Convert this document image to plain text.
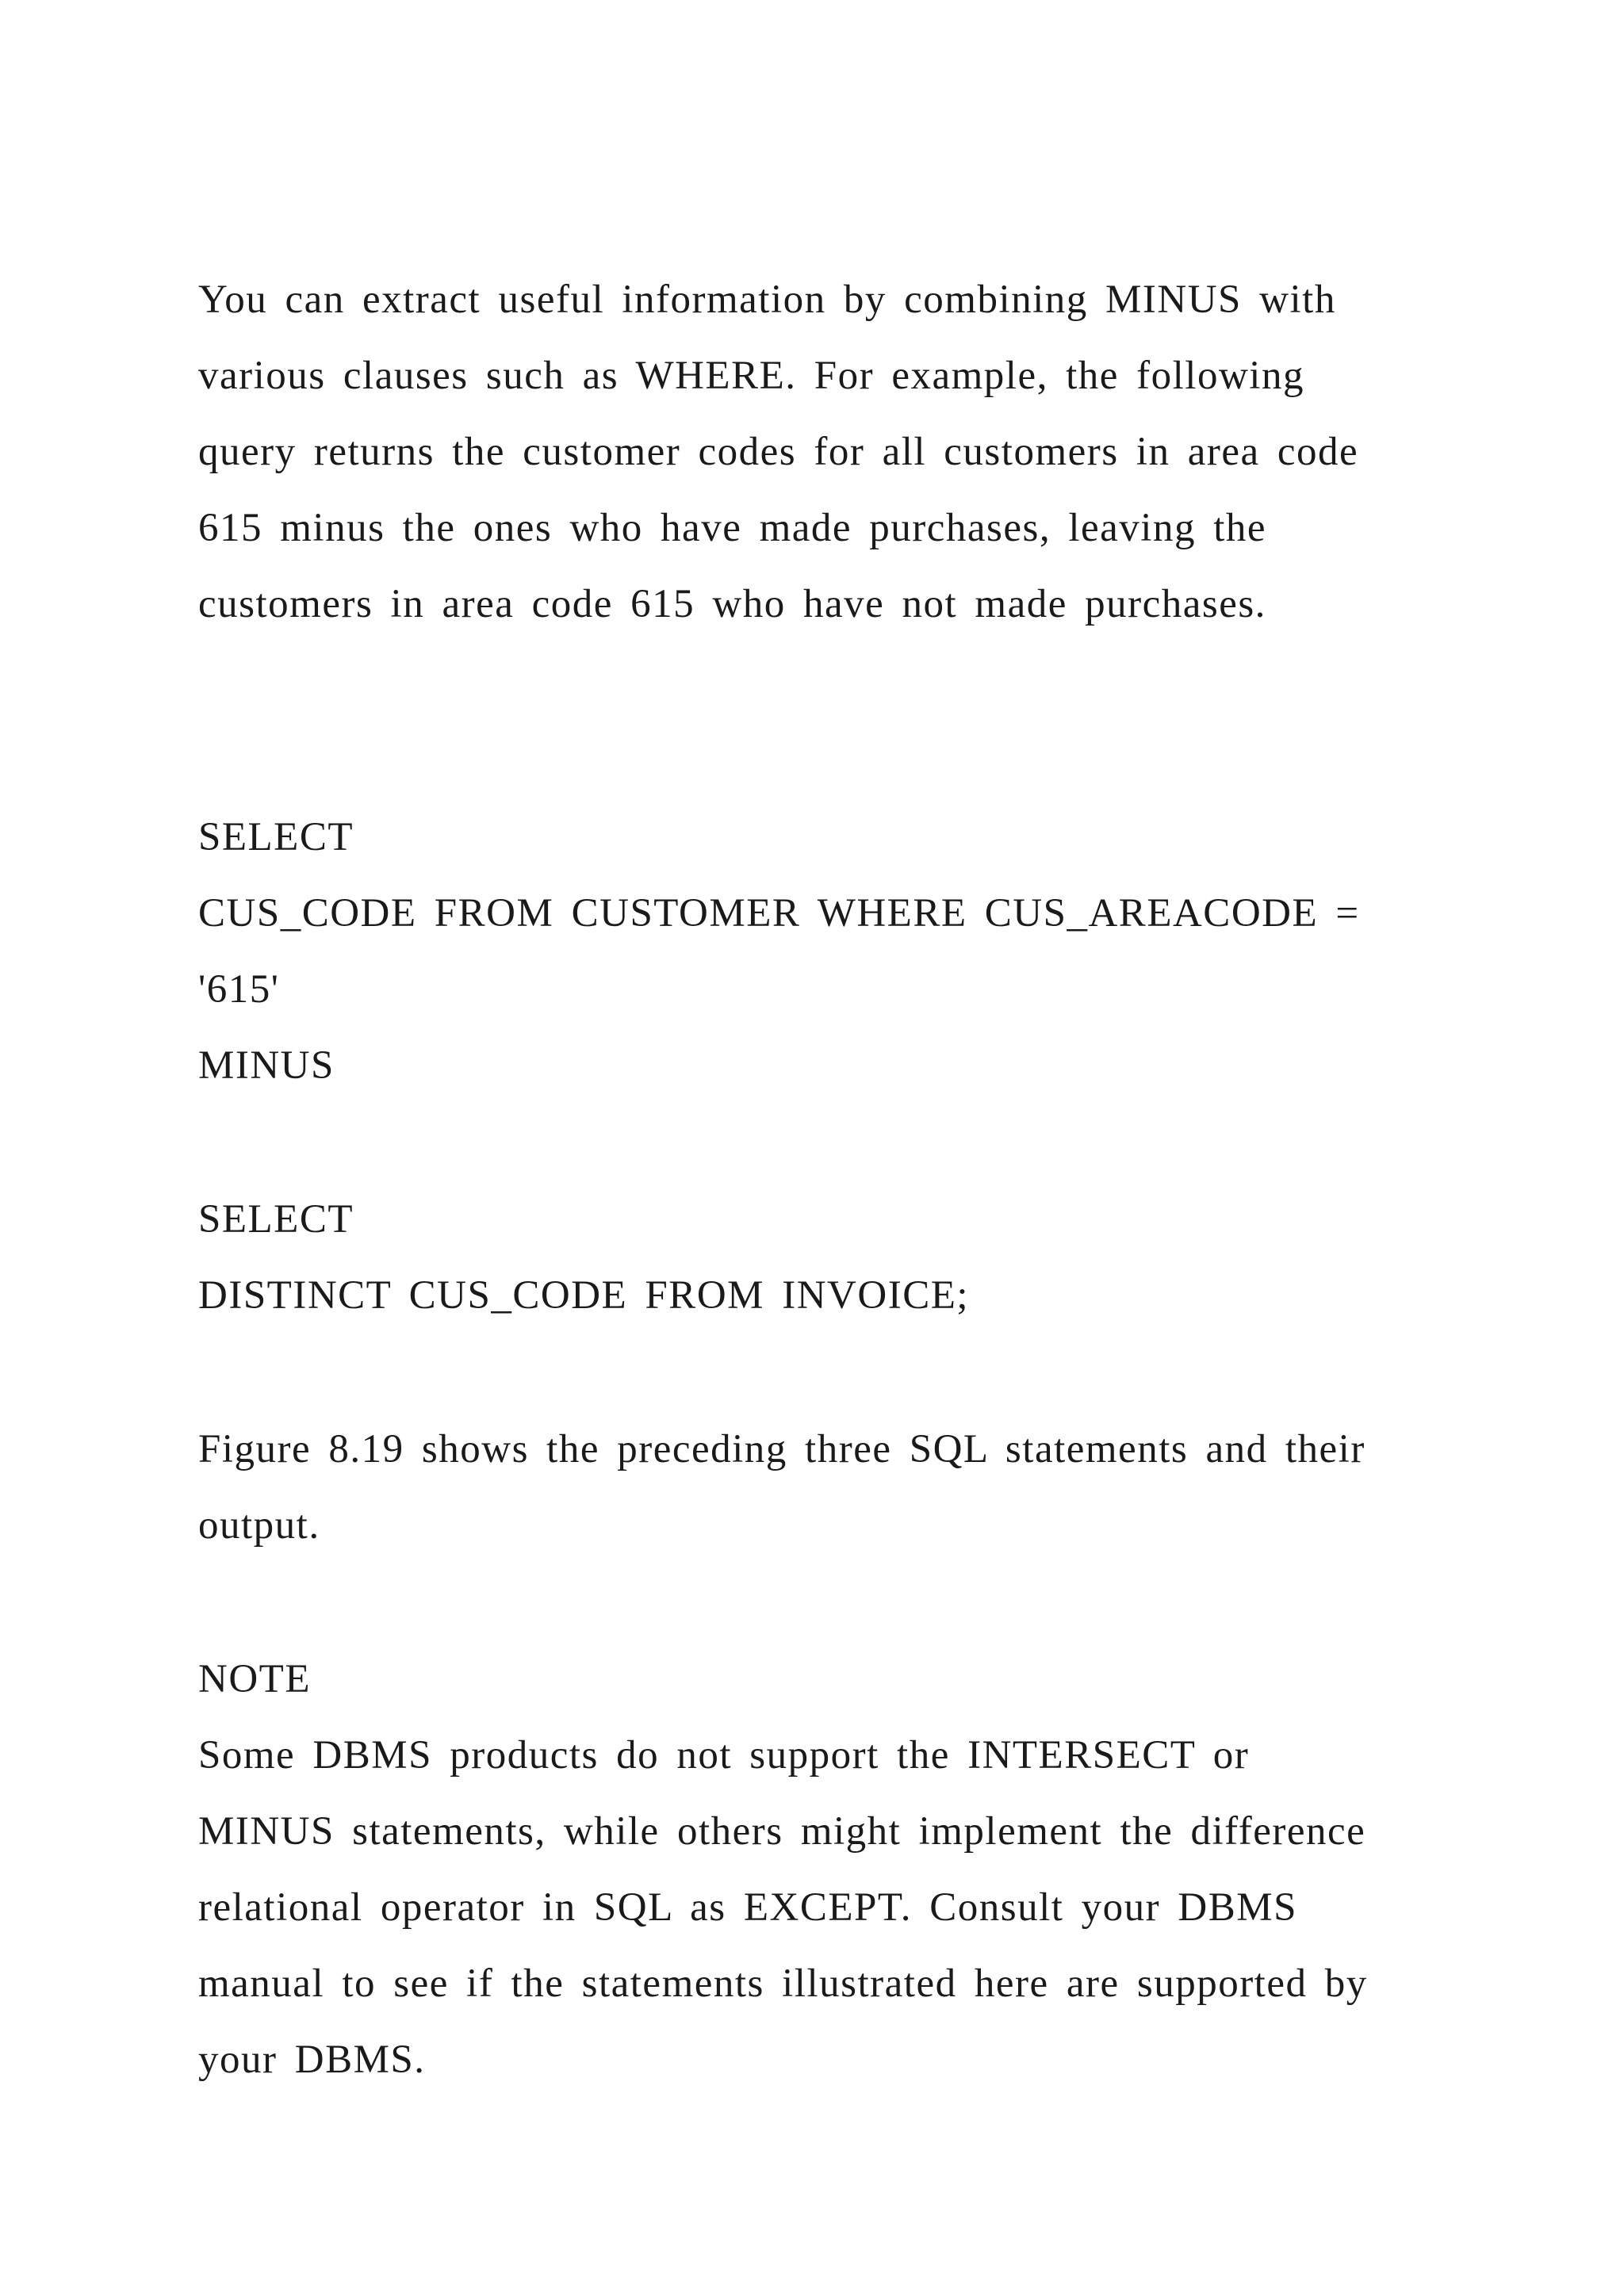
You can extract useful information by combining MINUS with
various clauses such as WHERE. For example, the following
query returns the customer codes for all customers in area code
615 minus the ones who have made purchases, leaving the
customers in area code 615 who have not made purchases.
SELECT
CUS_CODE FROM CUSTOMER WHERE CUS_AREACODE =
'615'
MINUS
SELECT
DISTINCT CUS_CODE FROM INVOICE;
Figure 8.19 shows the preceding three SQL statements and their
output.
NOTE
Some DBMS products do not support the INTERSECT or
MINUS statements, while others might implement the difference
relational operator in SQL as EXCEPT. Consult your DBMS
manual to see if the statements illustrated here are supported by
your DBMS.
